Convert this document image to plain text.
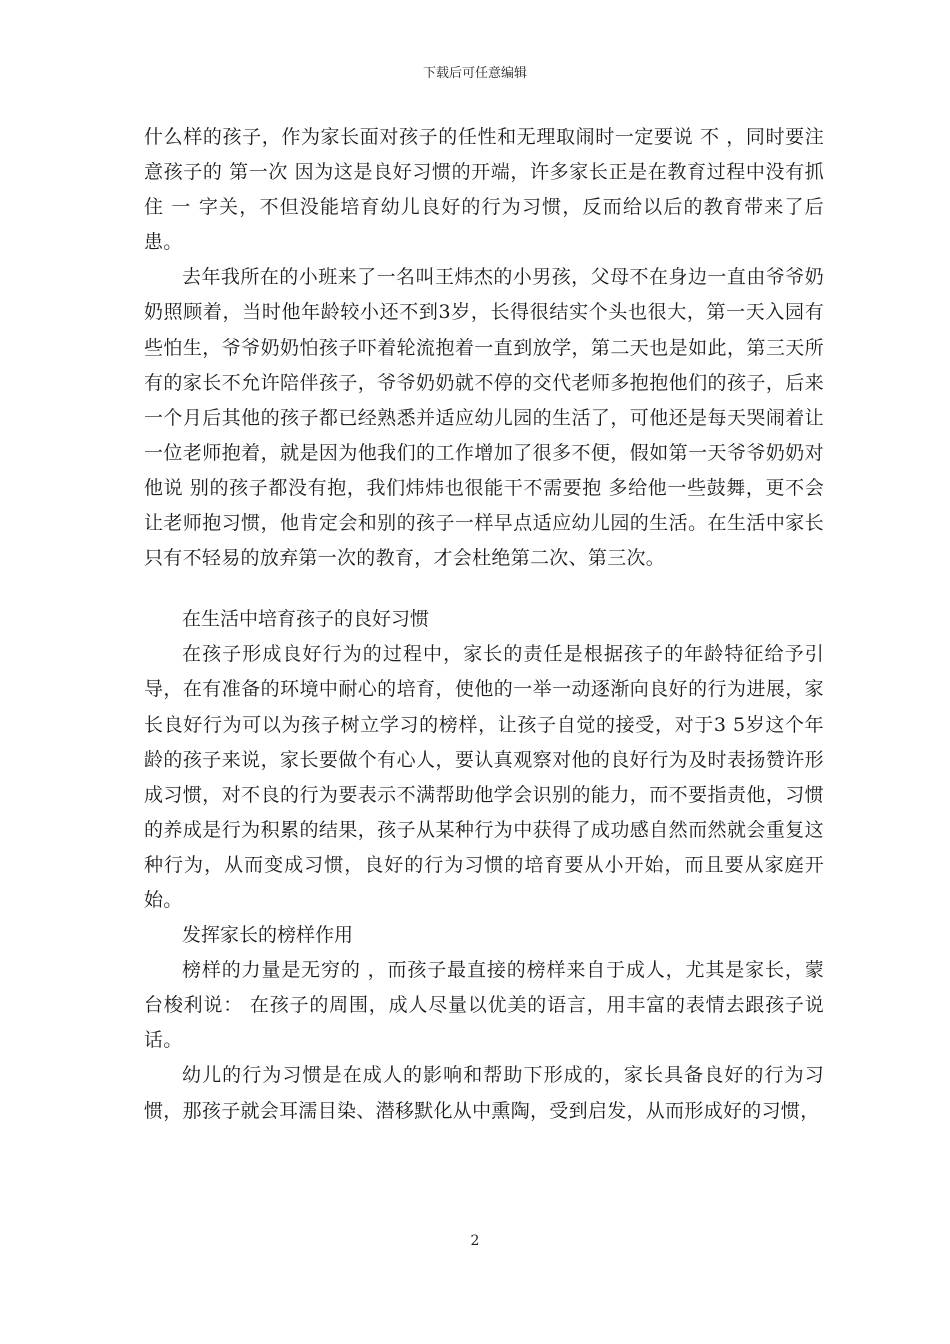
下载后可任意编辑

什么样的孩子，作为家长面对孩子的任性和无理取闹时一定要说 不 ，同时要注意孩子的 第一次 因为这是良好习惯的开端，许多家长正是在教育过程中没有抓住 一 字关，不但没能培育幼儿良好的行为习惯，反而给以后的教育带来了后患。

去年我所在的小班来了一名叫王炜杰的小男孩，父母不在身边一直由爷爷奶奶照顾着，当时他年龄较小还不到3岁，长得很结实个头也很大，第一天入园有些怕生，爷爷奶奶怕孩子吓着轮流抱着一直到放学，第二天也是如此，第三天所有的家长不允许陪伴孩子，爷爷奶奶就不停的交代老师多抱抱他们的孩子，后来一个月后其他的孩子都已经熟悉并适应幼儿园的生活了，可他还是每天哭闹着让一位老师抱着，就是因为他我们的工作增加了很多不便，假如第一天爷爷奶奶对他说 别的孩子都没有抱，我们炜炜也很能干不需要抱 多给他一些鼓舞，更不会让老师抱习惯，他肯定会和别的孩子一样早点适应幼儿园的生活。在生活中家长只有不轻易的放弃第一次的教育，才会杜绝第二次、第三次。

在生活中培育孩子的良好习惯

在孩子形成良好行为的过程中，家长的责任是根据孩子的年龄特征给予引导，在有准备的环境中耐心的培育，使他的一举一动逐渐向良好的行为进展，家长良好行为可以为孩子树立学习的榜样，让孩子自觉的接受，对于3 5岁这个年龄的孩子来说，家长要做个有心人，要认真观察对他的良好行为及时表扬赞许形成习惯，对不良的行为要表示不满帮助他学会识别的能力，而不要指责他，习惯的养成是行为积累的结果，孩子从某种行为中获得了成功感自然而然就会重复这种行为，从而变成习惯，良好的行为习惯的培育要从小开始，而且要从家庭开始。

发挥家长的榜样作用

榜样的力量是无穷的 ，而孩子最直接的榜样来自于成人，尤其是家长，蒙台梭利说： 在孩子的周围，成人尽量以优美的语言，用丰富的表情去跟孩子说话。

幼儿的行为习惯是在成人的影响和帮助下形成的，家长具备良好的行为习惯，那孩子就会耳濡目染、潜移默化从中熏陶，受到启发，从而形成好的习惯，

2
